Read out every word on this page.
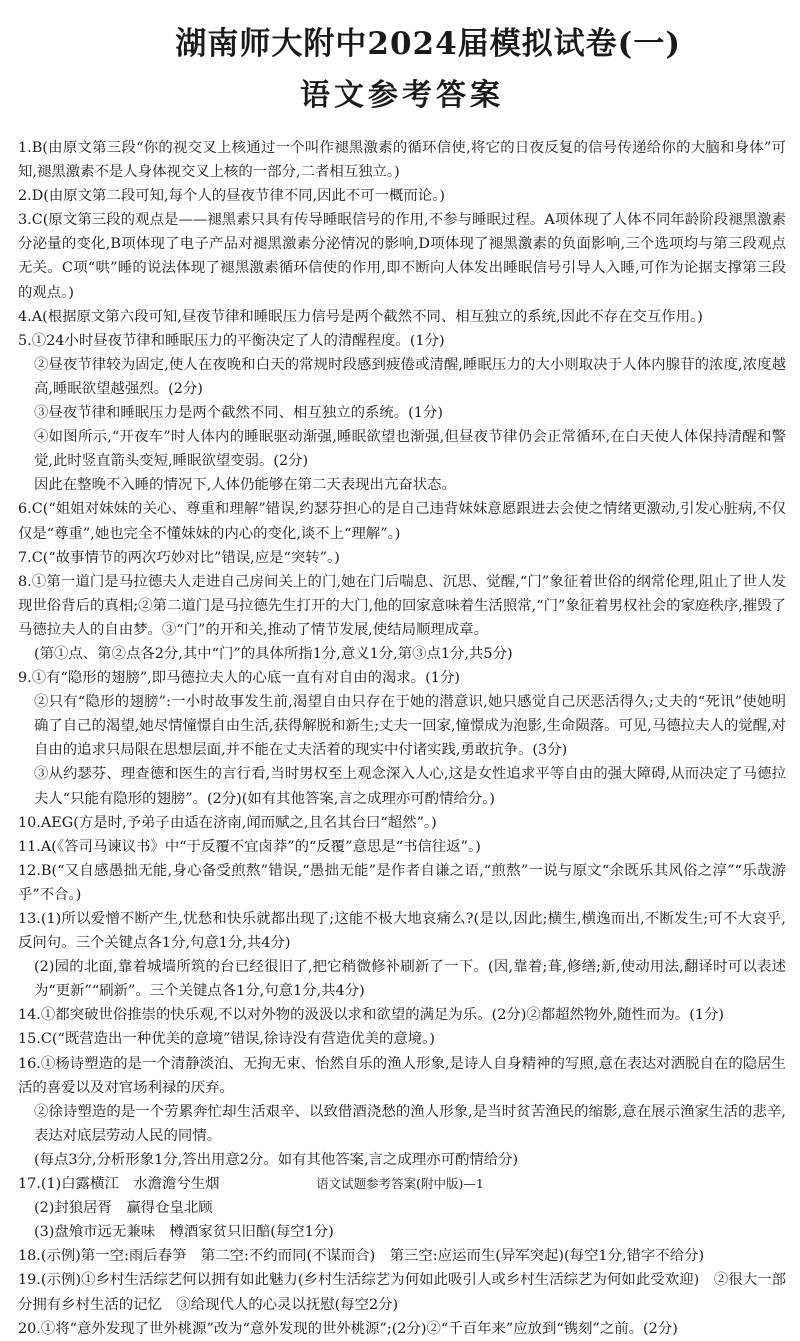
湖南师大附中2024届模拟试卷(一)
语文参考答案
1.B(由原文第三段“你的视交叉上核通过一个叫作褪黑激素的循环信使,将它的日夜反复的信号传递给你的大脑和身体”可知,褪黑激素不是人身体视交叉上核的一部分,二者相互独立。)
2.D(由原文第二段可知,每个人的昼夜节律不同,因此不可一概而论。)
3.C(原文第三段的观点是——褪黑素只具有传导睡眠信号的作用,不参与睡眠过程。A项体现了人体不同年龄阶段褪黑激素分泌量的变化,B项体现了电子产品对褪黑激素分泌情况的影响,D项体现了褪黑激素的负面影响,三个选项均与第三段观点无关。C项“哄”睡的说法体现了褪黑激素循环信使的作用,即不断向人体发出睡眠信号引导人入睡,可作为论据支撑第三段的观点。)
4.A(根据原文第六段可知,昼夜节律和睡眠压力信号是两个截然不同、相互独立的系统,因此不存在交互作用。)
5.①24小时昼夜节律和睡眠压力的平衡决定了人的清醒程度。(1分)
②昼夜节律较为固定,使人在夜晚和白天的常规时段感到疲倦或清醒,睡眠压力的大小则取决于人体内腺苷的浓度,浓度越高,睡眠欲望越强烈。(2分)
③昼夜节律和睡眠压力是两个截然不同、相互独立的系统。(1分)
④如图所示,“开夜车”时人体内的睡眠驱动渐强,睡眠欲望也渐强,但昼夜节律仍会正常循环,在白天使人体保持清醒和警觉,此时竖直箭头变短,睡眠欲望变弱。(2分)
因此在整晚不入睡的情况下,人体仍能够在第二天表现出亢奋状态。
6.C(“姐姐对妹妹的关心、尊重和理解”错误,约瑟芬担心的是自己违背妹妹意愿跟进去会使之情绪更激动,引发心脏病,不仅仅是“尊重”,她也完全不懂妹妹的内心的变化,谈不上“理解”。)
7.C(“故事情节的两次巧妙对比”错误,应是“突转”。)
8.①第一道门是马拉德夫人走进自己房间关上的门,她在门后喘息、沉思、觉醒,“门”象征着世俗的纲常伦理,阻止了世人发现世俗背后的真相;②第二道门是马拉德先生打开的大门,他的回家意味着生活照常,“门”象征着男权社会的家庭秩序,摧毁了马德拉夫人的自由梦。③“门”的开和关,推动了情节发展,使结局顺理成章。
(第①点、第②点各2分,其中“门”的具体所指1分,意义1分,第③点1分,共5分)
9.①有“隐形的翅膀”,即马德拉夫人的心底一直有对自由的渴求。(1分)
②只有“隐形的翅膀”:一小时故事发生前,渴望自由只存在于她的潜意识,她只感觉自己厌恶活得久;丈夫的“死讯”使她明确了自己的渴望,她尽情憧憬自由生活,获得解脱和新生;丈夫一回家,憧憬成为泡影,生命陨落。可见,马德拉夫人的觉醒,对自由的追求只局限在思想层面,并不能在丈夫活着的现实中付诸实践,勇敢抗争。(3分)
③从约瑟芬、理查德和医生的言行看,当时男权至上观念深入人心,这是女性追求平等自由的强大障碍,从而决定了马德拉夫人“只能有隐形的翅膀”。(2分)(如有其他答案,言之成理亦可酌情给分。)
10.AEG(方是时,予弟子由适在济南,闻而赋之,且名其台曰“超然”。)
11.A(《答司马谏议书》中“于反覆不宜卤莽”的“反覆”意思是“书信往返”。)
12.B(“又自感愚拙无能,身心备受煎熬”错误,“愚拙无能”是作者自谦之语,“煎熬”一说与原文“余既乐其风俗之淳”“乐哉游乎”不合。)
13.(1)所以爱憎不断产生,忧愁和快乐就都出现了;这能不极大地哀痛么?(是以,因此;横生,横逸而出,不断发生;可不大哀乎,反问句。三个关键点各1分,句意1分,共4分)
(2)园的北面,靠着城墙所筑的台已经很旧了,把它稍微修补刷新了一下。(因,靠着;葺,修缮;新,使动用法,翻译时可以表述为“更新”“刷新”。三个关键点各1分,句意1分,共4分)
14.①都突破世俗推崇的快乐观,不以对外物的汲汲以求和欲望的满足为乐。(2分)②都超然物外,随性而为。(1分)
15.C(“既营造出一种优美的意境”错误,徐诗没有营造优美的意境。)
16.①杨诗塑造的是一个清静淡泊、无拘无束、怡然自乐的渔人形象,是诗人自身精神的写照,意在表达对洒脱自在的隐居生活的喜爱以及对官场利禄的厌弃。
②徐诗塑造的是一个劳累奔忙却生活艰辛、以致借酒浇愁的渔人形象,是当时贫苦渔民的缩影,意在展示渔家生活的悲辛,表达对底层劳动人民的同情。
(每点3分,分析形象1分,答出用意2分。如有其他答案,言之成理亦可酌情给分)
17.(1)白露横江　水澹澹兮生烟
(2)封狼居胥　赢得仓皇北顾
(3)盘飧市远无兼味　樽酒家贫只旧醅(每空1分)
18.(示例)第一空:雨后春笋　第二空:不约而同(不谋而合)　第三空:应运而生(异军突起)(每空1分,错字不给分)
19.(示例)①乡村生活综艺何以拥有如此魅力(乡村生活综艺为何如此吸引人或乡村生活综艺为何如此受欢迎)　②很大一部分拥有乡村生活的记忆　③给现代人的心灵以抚慰(每空2分)
20.①将“意外发现了世外桃源”改为“意外发现的世外桃源”;(2分)②“千百年来”应放到“镌刻”之前。(2分)
语文试题参考答案(附中版)—1
